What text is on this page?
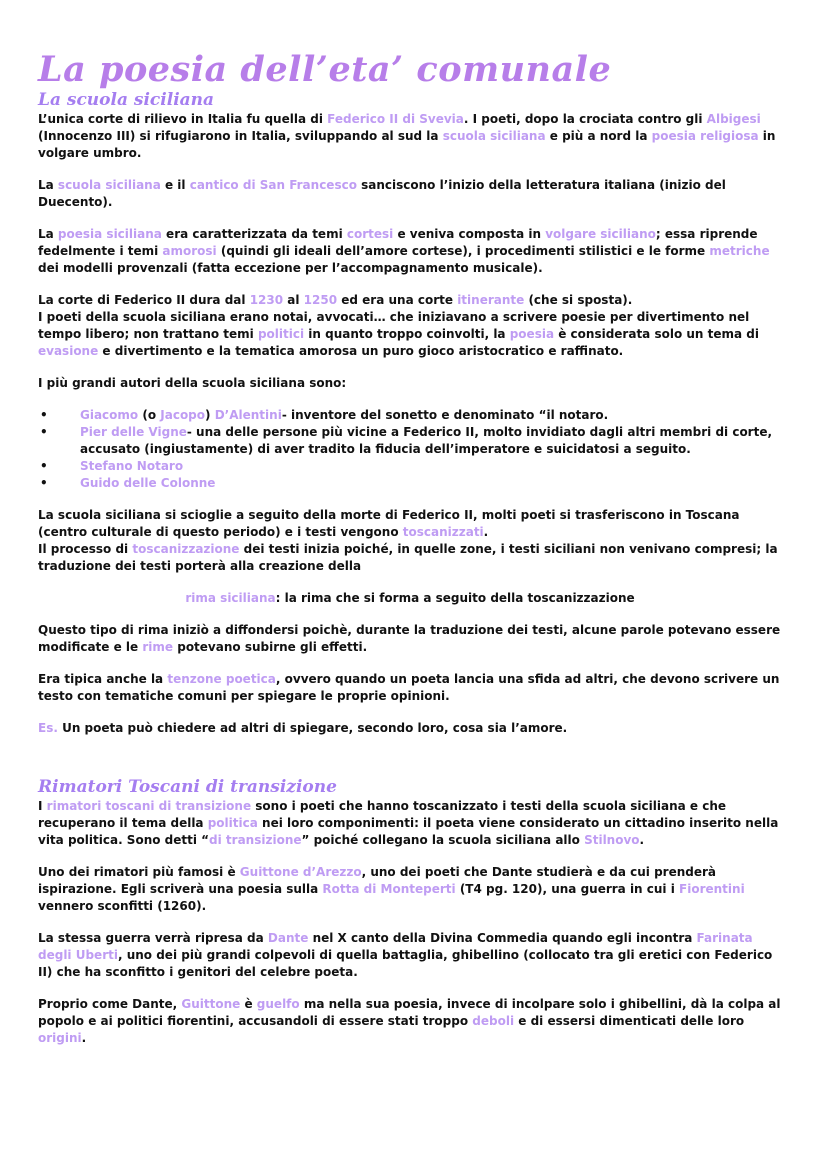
La poesia dell’eta’ comunale
La scuola siciliana

L’unica corte di rilievo in Italia fu quella di Federico II di Svevia. I poeti, dopo la crociata contro gli Albigesi (Innocenzo III) si rifugiarono in Italia, sviluppando al sud la scuola siciliana e più a nord la poesia religiosa in volgare umbro.

La scuola siciliana e il cantico di San Francesco sanciscono l’inizio della letteratura italiana (inizio del Duecento).

La poesia siciliana era caratterizzata da temi cortesi e veniva composta in volgare siciliano; essa riprende fedelmente i temi amorosi (quindi gli ideali dell’amore cortese), i procedimenti stilistici e le forme metriche dei modelli provenzali (fatta eccezione per l’accompagnamento musicale).

La corte di Federico II dura dal 1230 al 1250 ed era una corte itinerante (che si sposta).
I poeti della scuola siciliana erano notai, avvocati… che iniziavano a scrivere poesie per divertimento nel tempo libero; non trattano temi politici in quanto troppo coinvolti, la poesia è considerata solo un tema di evasione e divertimento e la tematica amorosa un puro gioco aristocratico e raffinato.

I più grandi autori della scuola siciliana sono:

• Giacomo (o Jacopo) D’Alentini- inventore del sonetto e denominato “il notaro.
• Pier delle Vigne- una delle persone più vicine a Federico II, molto invidiato dagli altri membri di corte, accusato (ingiustamente) di aver tradito la fiducia dell’imperatore e suicidatosi a seguito.
• Stefano Notaro
• Guido delle Colonne

La scuola siciliana si scioglie a seguito della morte di Federico II, molti poeti si trasferiscono in Toscana (centro culturale di questo periodo) e i testi vengono toscanizzati.
Il processo di toscanizzazione dei testi inizia poiché, in quelle zone, i testi siciliani non venivano compresi; la traduzione dei testi porterà alla creazione della

rima siciliana: la rima che si forma a seguito della toscanizzazione

Questo tipo di rima iniziò a diffondersi poichè, durante la traduzione dei testi, alcune parole potevano essere modificate e le rime potevano subirne gli effetti.

Era tipica anche la tenzone poetica, ovvero quando un poeta lancia una sfida ad altri, che devono scrivere un testo con tematiche comuni per spiegare le proprie opinioni.

Es. Un poeta può chiedere ad altri di spiegare, secondo loro, cosa sia l’amore.

Rimatori Toscani di transizione

I rimatori toscani di transizione sono i poeti che hanno toscanizzato i testi della scuola siciliana e che recuperano il tema della politica nei loro componimenti: il poeta viene considerato un cittadino inserito nella vita politica. Sono detti “di transizione” poiché collegano la scuola siciliana allo Stilnovo.

Uno dei rimatori più famosi è Guittone d’Arezzo, uno dei poeti che Dante studierà e da cui prenderà ispirazione. Egli scriverà una poesia sulla Rotta di Monteperti (T4 pg. 120), una guerra in cui i Fiorentini vennero sconfitti (1260).

La stessa guerra verrà ripresa da Dante nel X canto della Divina Commedia quando egli incontra Farinata degli Uberti, uno dei più grandi colpevoli di quella battaglia, ghibellino (collocato tra gli eretici con Federico II) che ha sconfitto i genitori del celebre poeta.

Proprio come Dante, Guittone è guelfo ma nella sua poesia, invece di incolpare solo i ghibellini, dà la colpa al popolo e ai politici fiorentini, accusandoli di essere stati troppo deboli e di essersi dimenticati delle loro origini.
